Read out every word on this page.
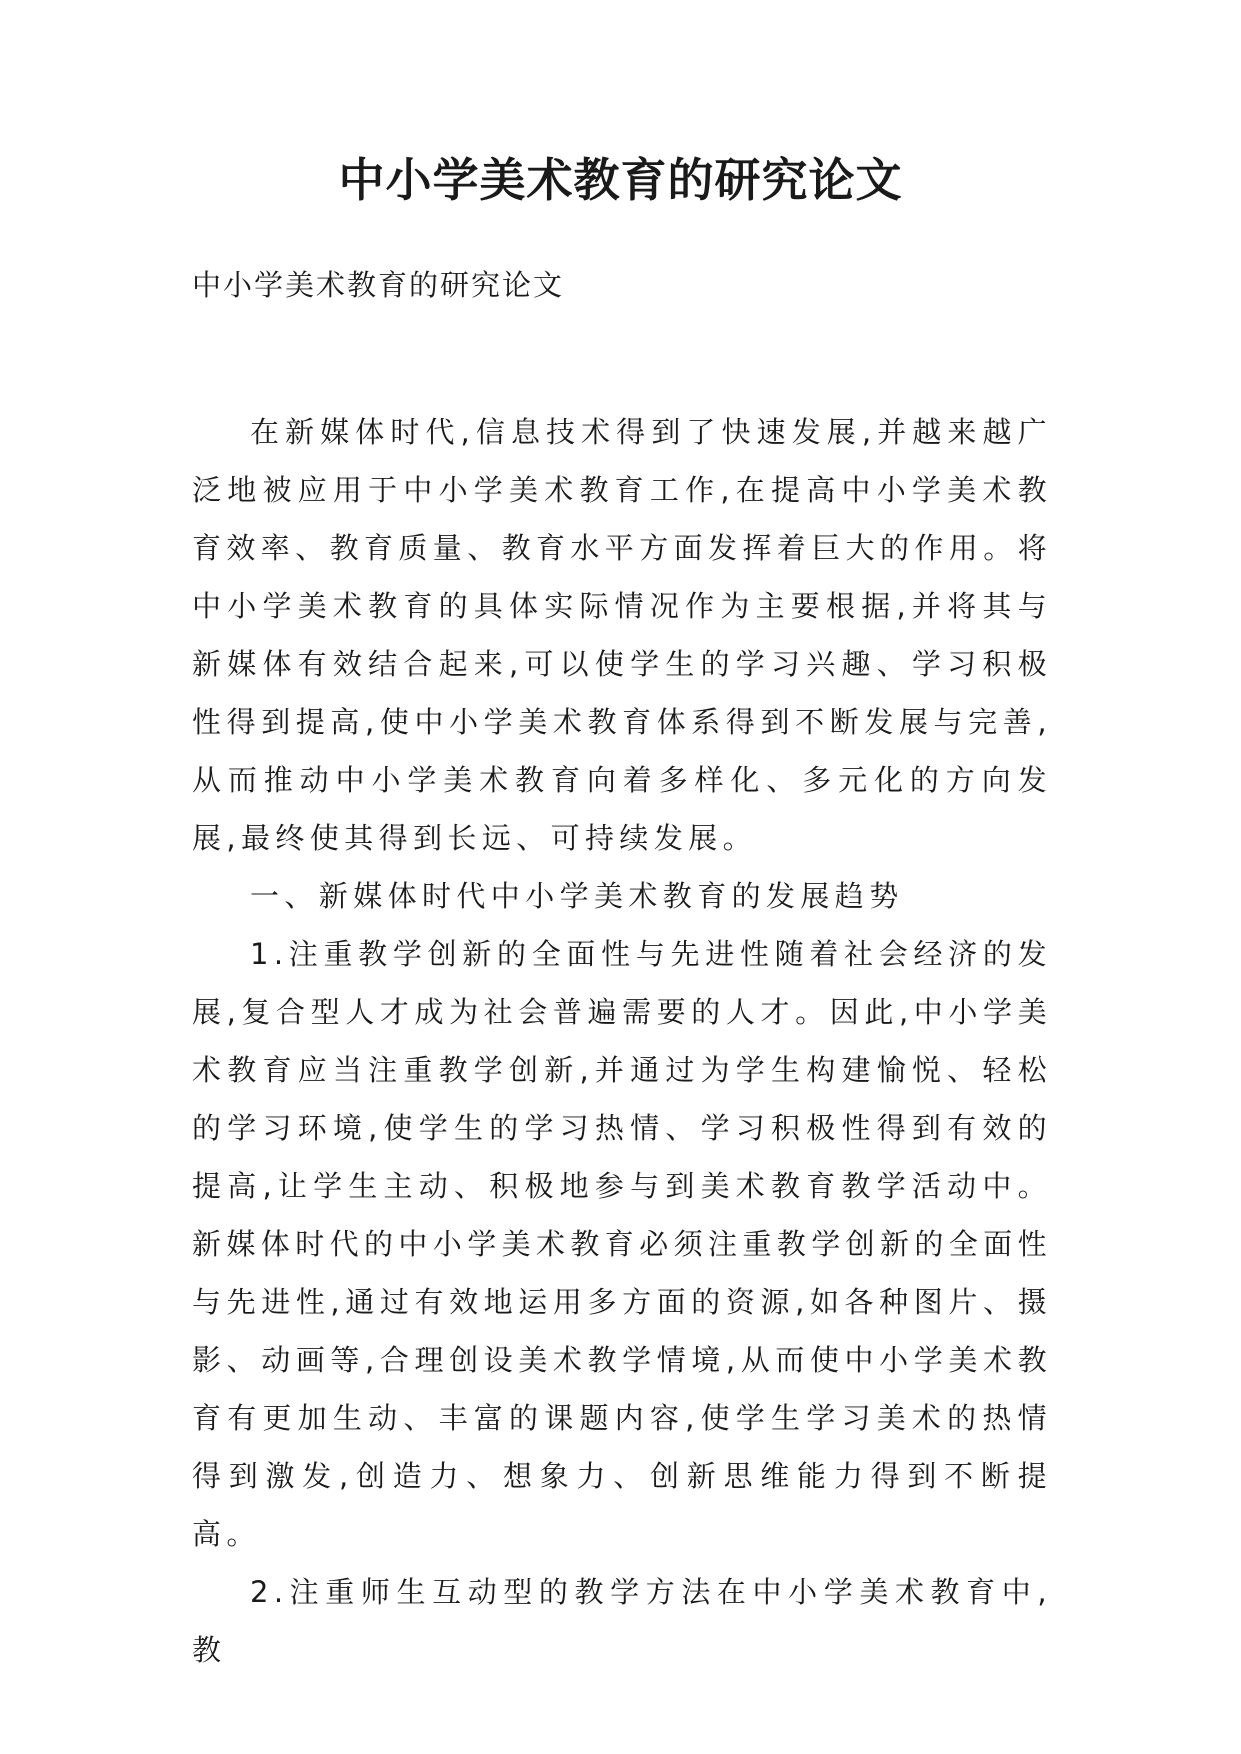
中小学美术教育的研究论文
中小学美术教育的研究论文

在新媒体时代,信息技术得到了快速发展,并越来越广泛地被应用于中小学美术教育工作,在提高中小学美术教育效率、教育质量、教育水平方面发挥着巨大的作用。将中小学美术教育的具体实际情况作为主要根据,并将其与新媒体有效结合起来,可以使学生的学习兴趣、学习积极性得到提高,使中小学美术教育体系得到不断发展与完善,从而推动中小学美术教育向着多样化、多元化的方向发展,最终使其得到长远、可持续发展。

一、新媒体时代中小学美术教育的发展趋势

1.注重教学创新的全面性与先进性随着社会经济的发展,复合型人才成为社会普遍需要的人才。因此,中小学美术教育应当注重教学创新,并通过为学生构建愉悦、轻松的学习环境,使学生的学习热情、学习积极性得到有效的提高,让学生主动、积极地参与到美术教育教学活动中。新媒体时代的中小学美术教育必须注重教学创新的全面性与先进性,通过有效地运用多方面的资源,如各种图片、摄影、动画等,合理创设美术教学情境,从而使中小学美术教育有更加生动、丰富的课题内容,使学生学习美术的热情得到激发,创造力、想象力、创新思维能力得到不断提高。

2.注重师生互动型的教学方法在中小学美术教育中,教
